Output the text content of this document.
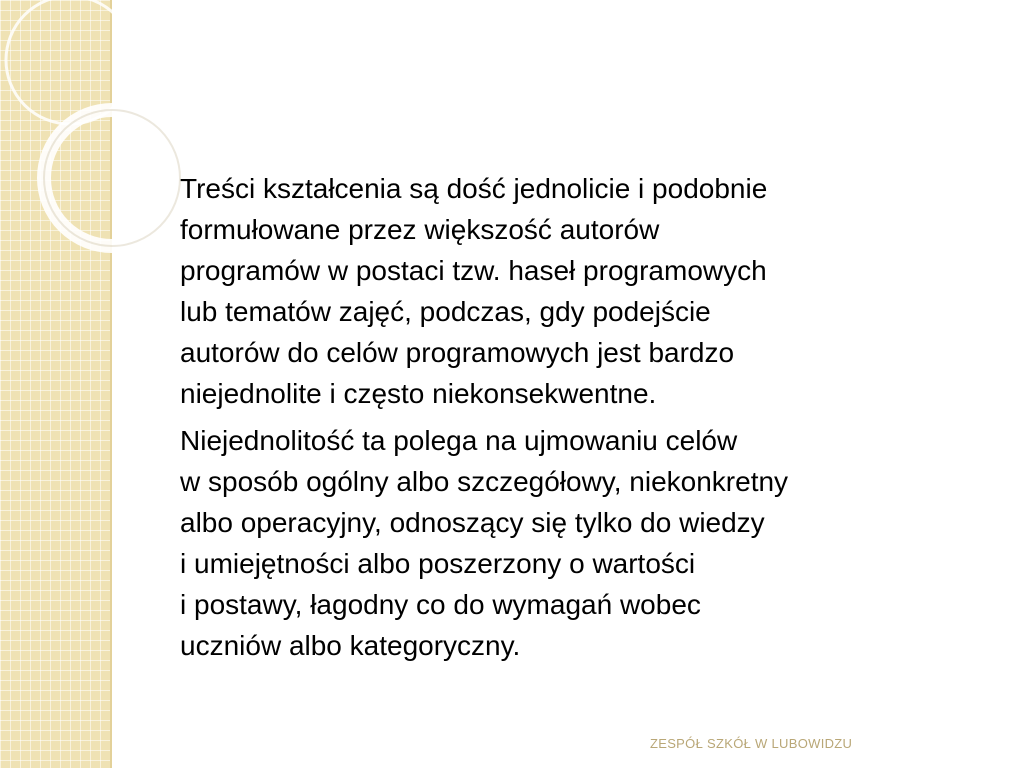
Treści kształcenia są dość jednolicie i podobnie
formułowane przez większość autorów
programów w postaci tzw. haseł programowych
lub tematów zajęć, podczas, gdy podejście
autorów do celów programowych jest bardzo
niejednolite i często niekonsekwentne.

Niejednolitość ta polega na ujmowaniu celów
w sposób ogólny albo szczegółowy, niekonkretny
albo operacyjny, odnoszący się tylko do wiedzy
i umiejętności albo poszerzony o wartości
i postawy, łagodny co do wymagań wobec
uczniów albo kategoryczny.

ZESPÓŁ SZKÓŁ W LUBOWIDZU
